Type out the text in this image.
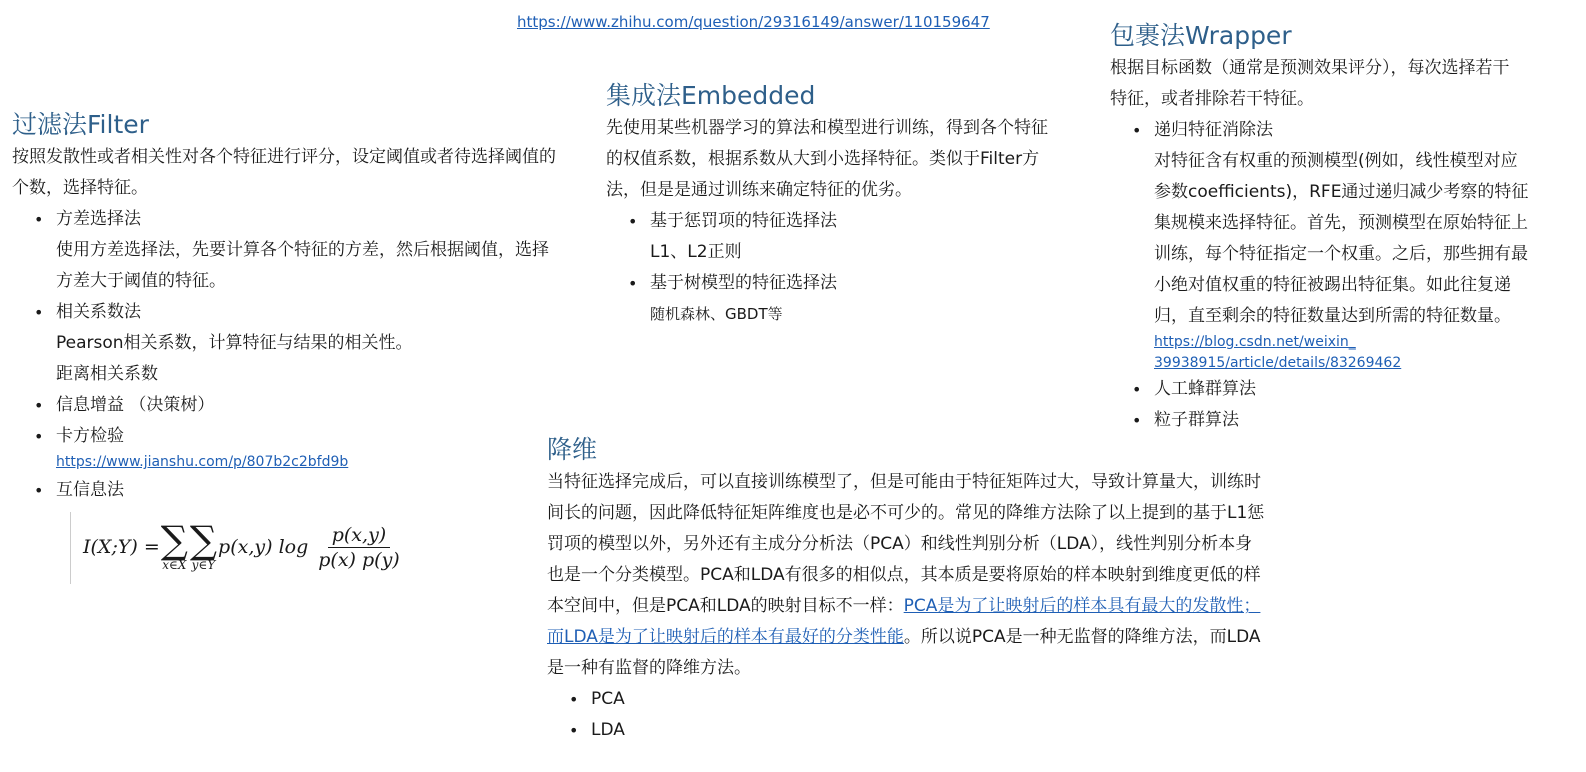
https://www.zhihu.com/question/29316149/answer/110159647
过滤法Filter

按照发散性或者相关性对各个特征进行评分，设定阈值或者待选择阈值的

个数，选择特征。

• 方差选择法
使用方差选择法，先要计算各个特征的方差，然后根据阈值，选择
方差大于阈值的特征。
• 相关系数法
Pearson相关系数，计算特征与结果的相关性。
距离相关系数
• 信息增益 （决策树）
• 卡方检验
https://www.jianshu.com/p/807b2c2bfd9b
• 互信息法
I(X;Y) = ∑
x∈X
∑
y∈Y
p(x,y) $\log \frac{p(x,y)}{p(x) p(y)}$
集成法Embedded

先使用某些机器学习的算法和模型进行训练，得到各个特征

的权值系数，根据系数从大到小选择特征。类似于Filter方

法，但是是通过训练来确定特征的优劣。

• 基于惩罚项的特征选择法
L1、L2正则
• 基于树模型的特征选择法
随机森林、GBDT等
包裹法Wrapper

根据目标函数（通常是预测效果评分），每次选择若干

特征，或者排除若干特征。

• 递归特征消除法
对特征含有权重的预测模型(例如，线性模型对应
参数coefficients)，RFE通过递归减少考察的特征
集规模来选择特征。首先，预测模型在原始特征上
训练，每个特征指定一个权重。之后，那些拥有最
小绝对值权重的特征被踢出特征集。如此往复递
归，直至剩余的特征数量达到所需的特征数量。
https://blog.csdn.net/weixin_
39938915/article/details/83269462
• 人工蜂群算法
• 粒子群算法
降维

当特征选择完成后，可以直接训练模型了，但是可能由于特征矩阵过大，导致计算量大，训练时

间长的问题，因此降低特征矩阵维度也是必不可少的。常见的降维方法除了以上提到的基于L1惩

罚项的模型以外，另外还有主成分分析法（PCA）和线性判别分析（LDA），线性判别分析本身

也是一个分类模型。PCA和LDA有很多的相似点，其本质是要将原始的样本映射到维度更低的样

本空间中，但是PCA和LDA的映射目标不一样：PCA是为了让映射后的样本具有最大的发散性；

而LDA是为了让映射后的样本有最好的分类性能。所以说PCA是一种无监督的降维方法，而LDA

是一种有监督的降维方法。

• PCA
• LDA
